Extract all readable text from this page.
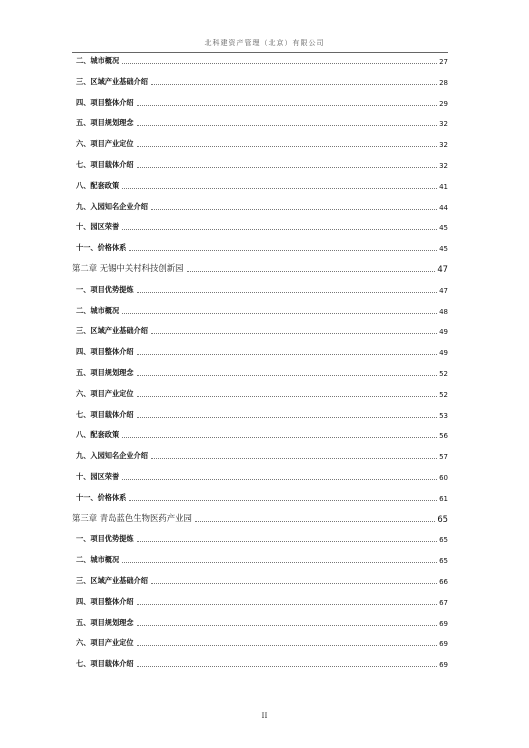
北科建资产管理（北京）有限公司
二、城市概况	27
三、区域产业基础介绍	28
四、项目整体介绍	29
五、项目规划理念	32
六、项目产业定位	32
七、项目载体介绍	32
八、配套政策	41
九、入园知名企业介绍	44
十、园区荣誉	45
十一、价格体系	45
第二章 无锡中关村科技创新园	47
一、项目优势提炼	47
二、城市概况	48
三、区域产业基础介绍	49
四、项目整体介绍	49
五、项目规划理念	52
六、项目产业定位	52
七、项目载体介绍	53
八、配套政策	56
九、入园知名企业介绍	57
十、园区荣誉	60
十一、价格体系	61
第三章 青岛蓝色生物医药产业园	65
一、项目优势提炼	65
二、城市概况	65
三、区域产业基础介绍	66
四、项目整体介绍	67
五、项目规划理念	69
六、项目产业定位	69
七、项目载体介绍	69
II
